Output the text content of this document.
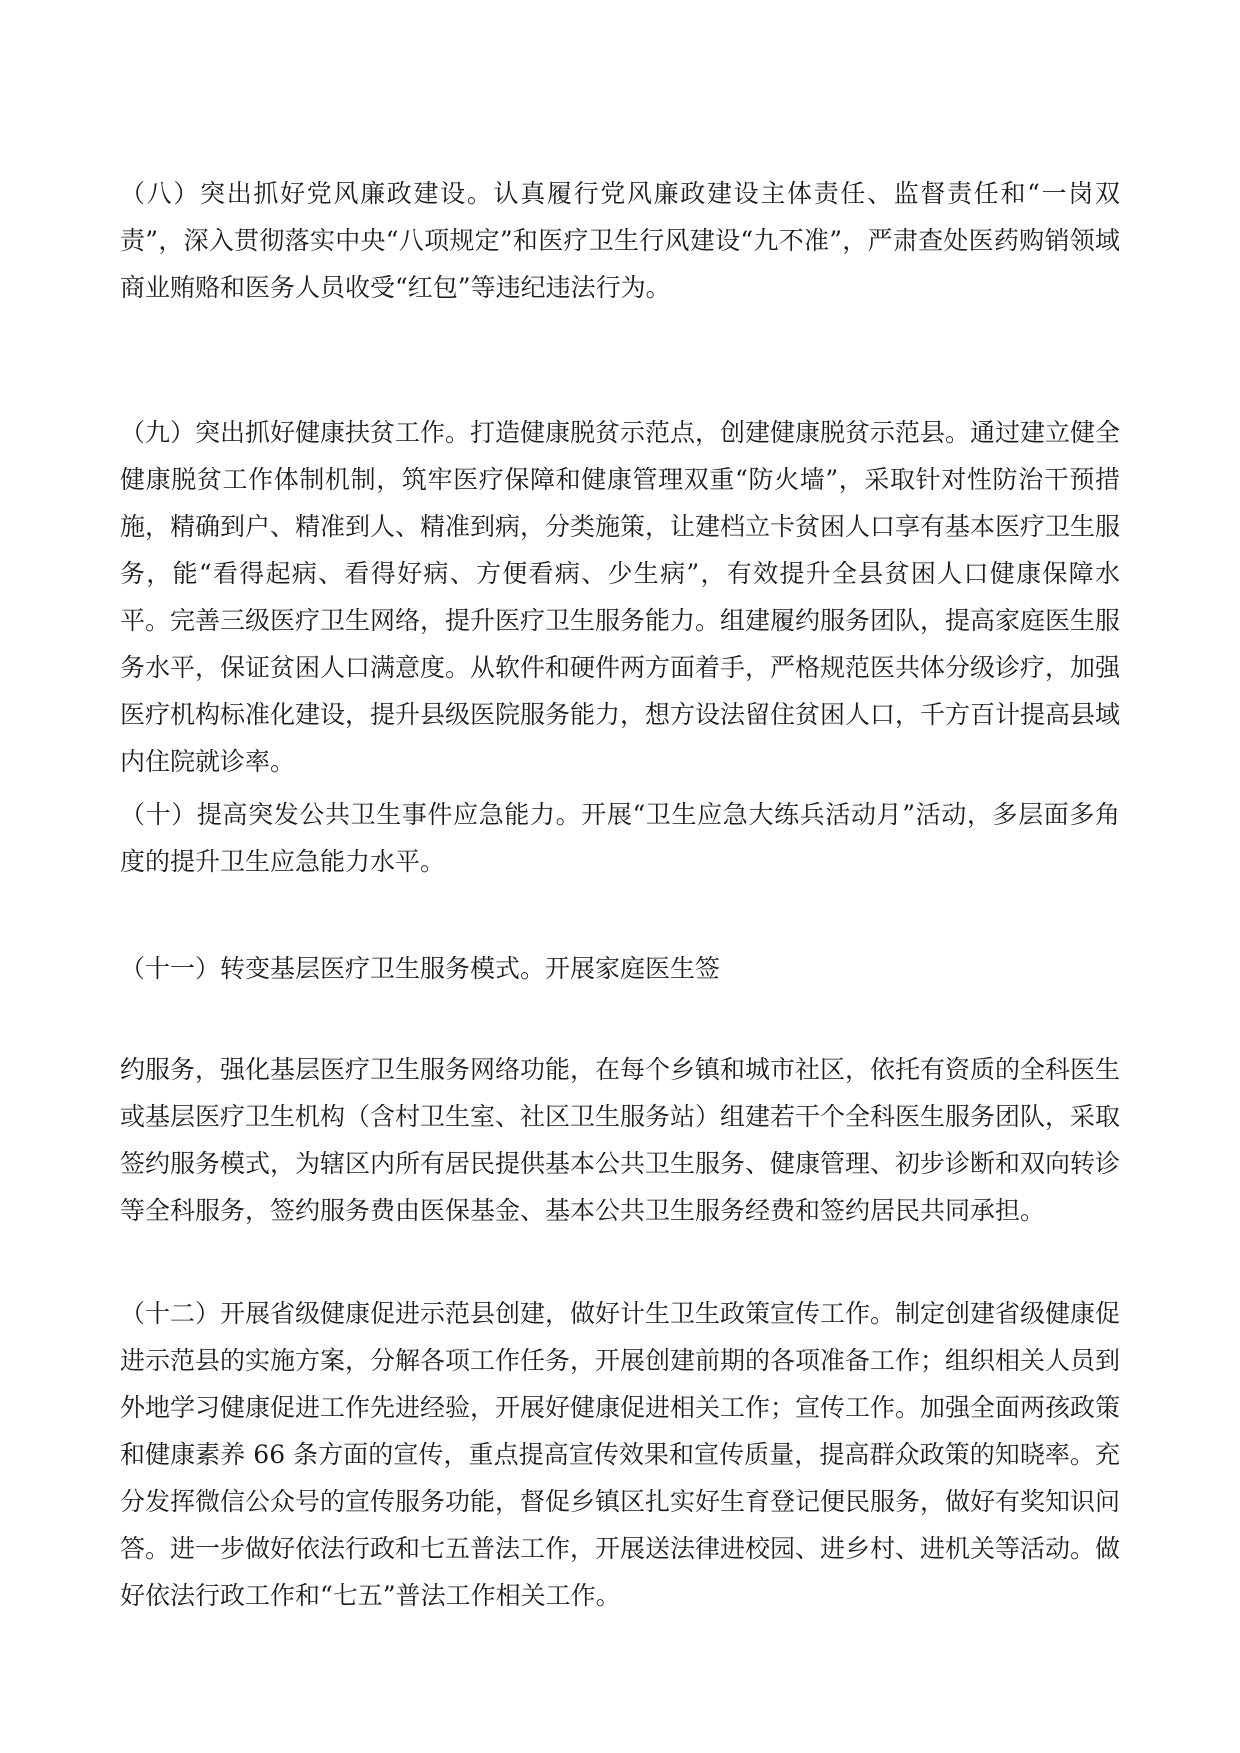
（八）突出抓好党风廉政建设。认真履行党风廉政建设主体责任、监督责任和“一岗双责”，深入贯彻落实中央“八项规定”和医疗卫生行风建设“九不准”，严肃查处医药购销领域商业贿赂和医务人员收受“红包”等违纪违法行为。

（九）突出抓好健康扶贫工作。打造健康脱贫示范点，创建健康脱贫示范县。通过建立健全健康脱贫工作体制机制，筑牢医疗保障和健康管理双重“防火墙”，采取针对性防治干预措施，精确到户、精准到人、精准到病，分类施策，让建档立卡贫困人口享有基本医疗卫生服务，能“看得起病、看得好病、方便看病、少生病”，有效提升全县贫困人口健康保障水平。完善三级医疗卫生网络，提升医疗卫生服务能力。组建履约服务团队，提高家庭医生服务水平，保证贫困人口满意度。从软件和硬件两方面着手，严格规范医共体分级诊疗，加强医疗机构标准化建设，提升县级医院服务能力，想方设法留住贫困人口，千方百计提高县域内住院就诊率。

（十）提高突发公共卫生事件应急能力。开展“卫生应急大练兵活动月”活动，多层面多角度的提升卫生应急能力水平。

（十一）转变基层医疗卫生服务模式。开展家庭医生签

约服务，强化基层医疗卫生服务网络功能，在每个乡镇和城市社区，依托有资质的全科医生或基层医疗卫生机构（含村卫生室、社区卫生服务站）组建若干个全科医生服务团队，采取签约服务模式，为辖区内所有居民提供基本公共卫生服务、健康管理、初步诊断和双向转诊等全科服务，签约服务费由医保基金、基本公共卫生服务经费和签约居民共同承担。

（十二）开展省级健康促进示范县创建，做好计生卫生政策宣传工作。制定创建省级健康促进示范县的实施方案，分解各项工作任务，开展创建前期的各项准备工作；组织相关人员到外地学习健康促进工作先进经验，开展好健康促进相关工作；宣传工作。加强全面两孩政策和健康素养 66 条方面的宣传，重点提高宣传效果和宣传质量，提高群众政策的知晓率。充分发挥微信公众号的宣传服务功能，督促乡镇区扎实好生育登记便民服务，做好有奖知识问答。进一步做好依法行政和七五普法工作，开展送法律进校园、进乡村、进机关等活动。做好依法行政工作和“七五”普法工作相关工作。
